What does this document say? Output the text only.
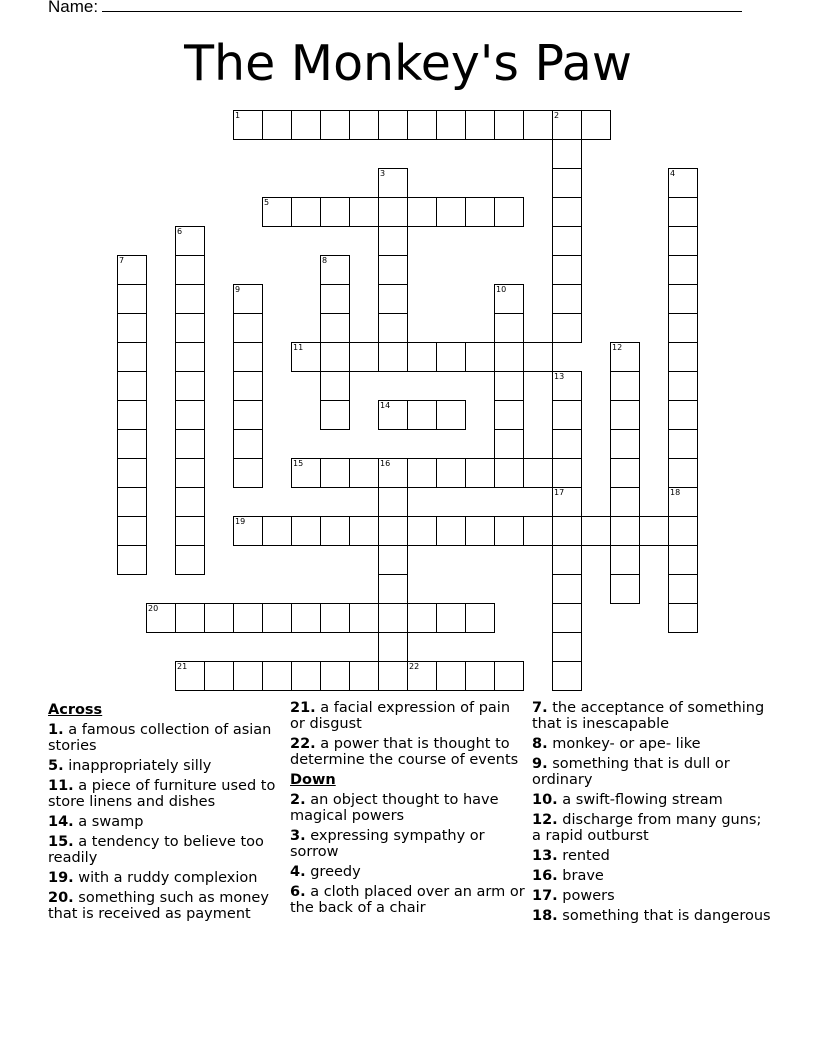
Name:
The Monkey's Paw
1	2
3	4
5
6
7	8
9	10
11	12
13
14
15	16
17	18
19
20
21	22
Across
1. a famous collection of asian stories
5. inappropriately silly
11. a piece of furniture used to store linens and dishes
14. a swamp
15. a tendency to believe too readily
19. with a ruddy complexion
20. something such as money that is received as payment
21. a facial expression of pain or disgust
22. a power that is thought to determine the course of events
Down
2. an object thought to have magical powers
3. expressing sympathy or sorrow
4. greedy
6. a cloth placed over an arm or the back of a chair
7. the acceptance of something that is inescapable
8. monkey- or ape- like
9. something that is dull or ordinary
10. a swift-flowing stream
12. discharge from many guns; a rapid outburst
13. rented
16. brave
17. powers
18. something that is dangerous
